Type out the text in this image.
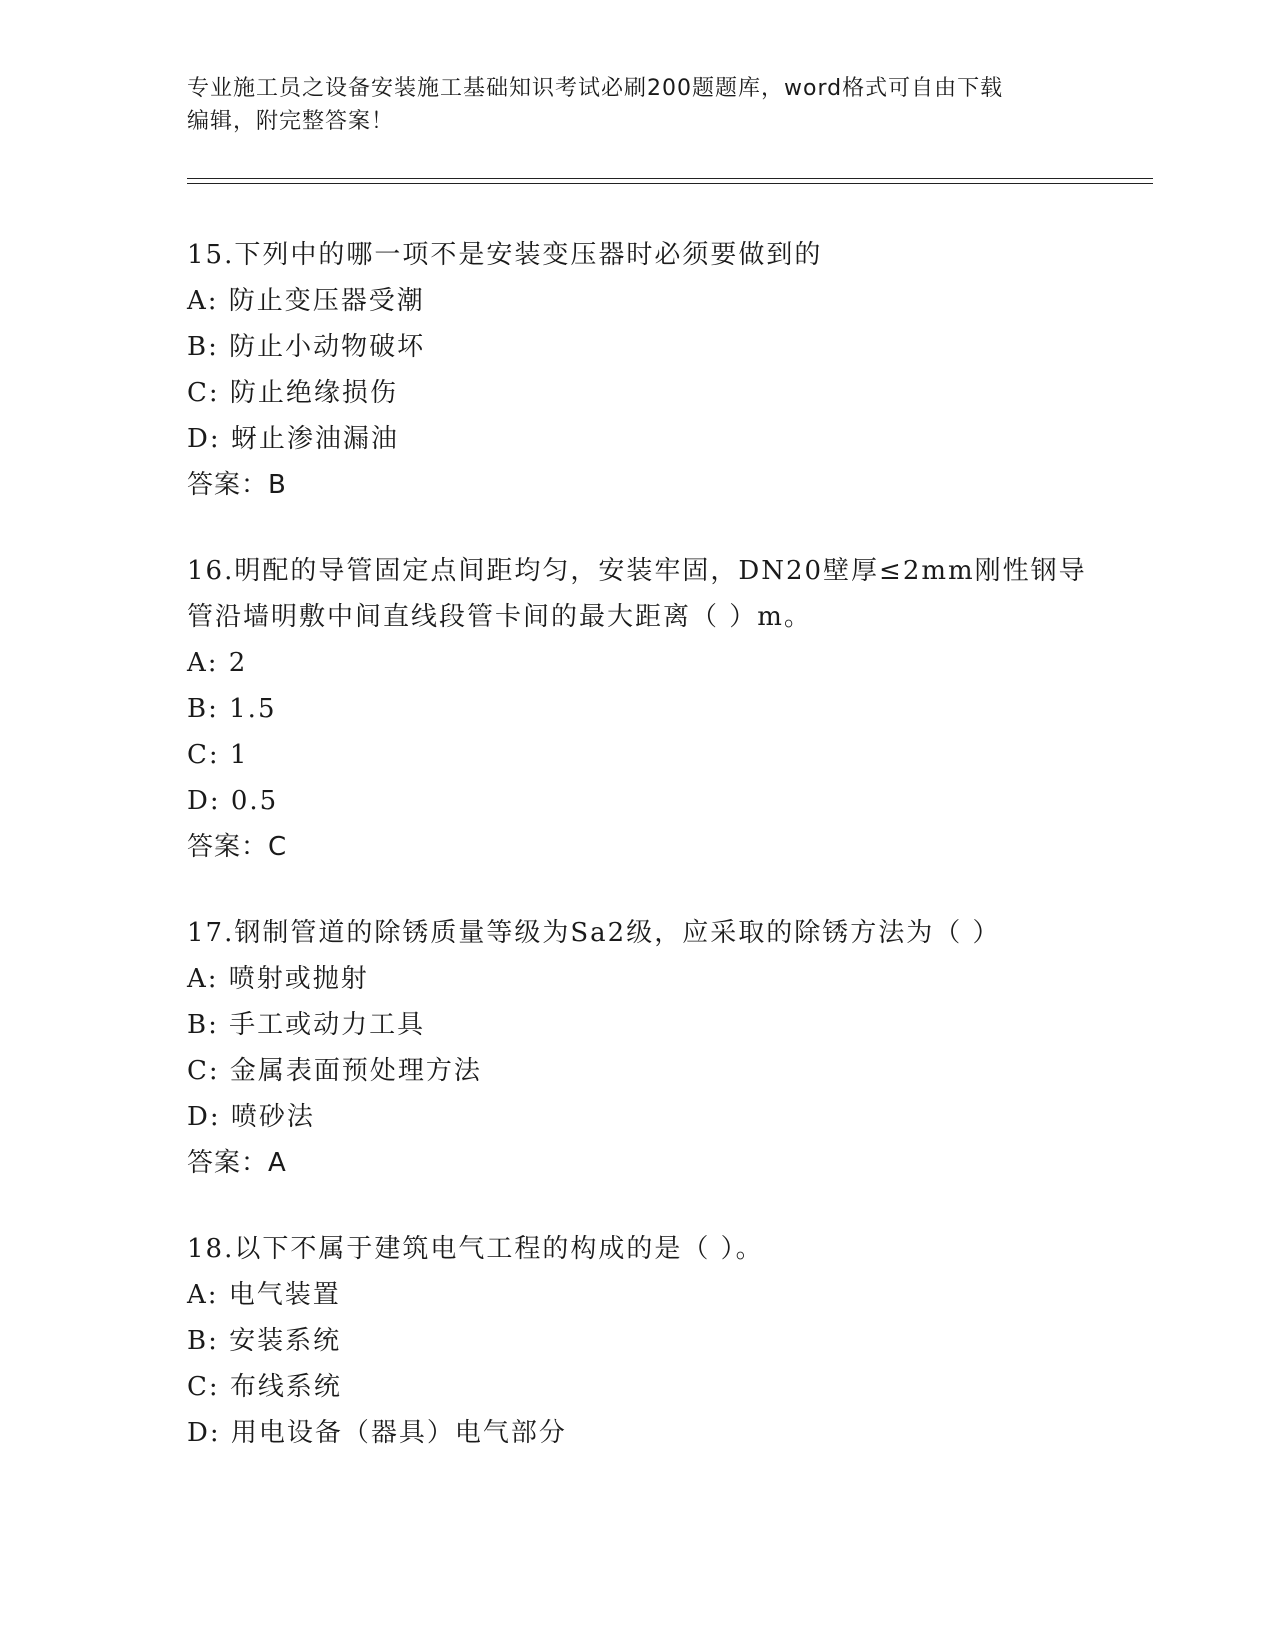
专业施工员之设备安装施工基础知识考试必刷200题题库，word格式可自由下载
编辑，附完整答案！
15.下列中的哪一项不是安装变压器时必须要做到的
A: 防止变压器受潮
B: 防止小动物破坏
C: 防止绝缘损伤
D: 蚜止渗油漏油
答案：B
16.明配的导管固定点间距均匀，安装牢固，DN20壁厚≤2mm刚性钢导
管沿墙明敷中间直线段管卡间的最大距离（ ）m。
A: 2
B: 1.5
C: 1
D: 0.5
答案：C
17.钢制管道的除锈质量等级为Sa2级，应采取的除锈方法为（ ）
A: 喷射或抛射
B: 手工或动力工具
C: 金属表面预处理方法
D: 喷砂法
答案：A
18.以下不属于建筑电气工程的构成的是（ ）。
A: 电气装置
B: 安装系统
C: 布线系统
D: 用电设备（器具）电气部分
